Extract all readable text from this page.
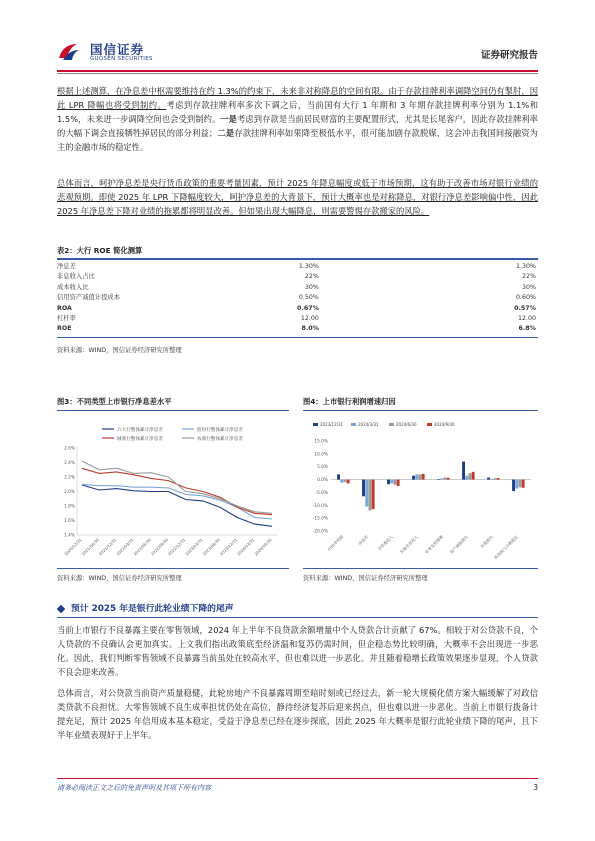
国信证券
GUOSEN SECURITIES	证券研究报告
根据上述测算，在净息差中枢需要维持在约 1.3%的约束下，未来非对称降息的空间有限。由于存款挂牌利率调降空间仍有掣肘，因此 LPR 降幅也将受到制约。考虑到存款挂牌利率多次下调之后，当前国有大行 1 年期和 3 年期存款挂牌利率分别为 1.1%和 1.5%，未来进一步调降空间也会受到制约。一是考虑到存款是当前居民财富的主要配置形式，尤其是长尾客户，因此存款挂牌利率的大幅下调会直接牺牲掉居民的部分利益；二是存款挂牌利率如果降至极低水平，很可能加剧存款脱媒，这会冲击我国间接融资为主的金融市场的稳定性。
总体而言，呵护净息差是央行货币政策的重要考量因素，预计 2025 年降息幅度或低于市场预期，这有助于改善市场对银行业绩的悲观预期。即使 2025 年 LPR 下降幅度较大，呵护净息差的大背景下，预计大概率也是对称降息，对银行净息差影响偏中性，因此 2025 年净息差下降对业绩的拖累都将明显改善。但如果出现大幅降息，则需要警惕存款搬家的风险。
表2：大行 ROE 简化测算
净息差	1.30%	1.30%
非息收入占比	22%	22%
成本收入比	30%	30%
信用资产减值计提成本	0.50%	0.60%
ROA	0.67%	0.57%
杠杆率	12.00	12.00
ROE	8.0%	6.8%
资料来源：WIND，国信证券经济研究所整理
图3：不同类型上市银行净息差水平
六大行整体累计净息差	股份行整体累计净息差
城商行整体累计净息差	农商行整体累计净息差
1.4%
1.6%
1.8%
2.0%
2.2%
2.4%
2.6%
2020/12/31
2021/06/30
2021/12/31
2022/03/31
2022/06/30
2022/09/30
2022/12/31
2023/03/31
2023/06/30
2023/12/31
2024/03/31
2024/06/30
资料来源：WIND，国信证券经济研究所整理
图4：上市银行利润增速归因
2023/12/31	2024/3/31	2024/6/30	2024/9/30
15.0%
10.0%
5.0%
0.0%
-5.0%
-10.0%
-15.0%
-20.0%
归母净利润	净息差 手续费收入 其他非息收入 业务及管理费 资产减值损失	其他损失
所得税与少数股东
资料来源：WIND，国信证券经济研究所整理
预计 2025 年是银行此轮业绩下降的尾声
当前上市银行不良暴露主要在零售领域，2024 年上半年不良贷款余额增量中个人贷款合计贡献了 67%。相较于对公贷款不良，个人贷款的不良确认会更加真实。上文我们指出政策底至经济温和复苏仍需时间，但企稳态势比较明确，大概率不会出现进一步恶化。因此，我们判断零售领域不良暴露当前虽处在较高水平，但也难以进一步恶化。并且随着稳增长政策效果逐步显现，个人贷款不良会迎来改善。
总体而言，对公贷款当前资产质量稳健，此轮房地产不良暴露周期至暗时刻或已经过去，新一轮大规模化债方案大幅缓解了对政信类贷款不良担忧。大零售领域不良生成率担忧仍处在高位，静待经济复苏后迎来拐点，但也难以进一步恶化。当前上市银行拨备计提充足，预计 2025 年信用成本基本稳定，受益于净息差已经在逐步探底，因此 2025 年大概率是银行此轮业绩下降的尾声，且下半年业绩表现好于上半年。
请务必阅读正文之后的免责声明及其项下所有内容	3
